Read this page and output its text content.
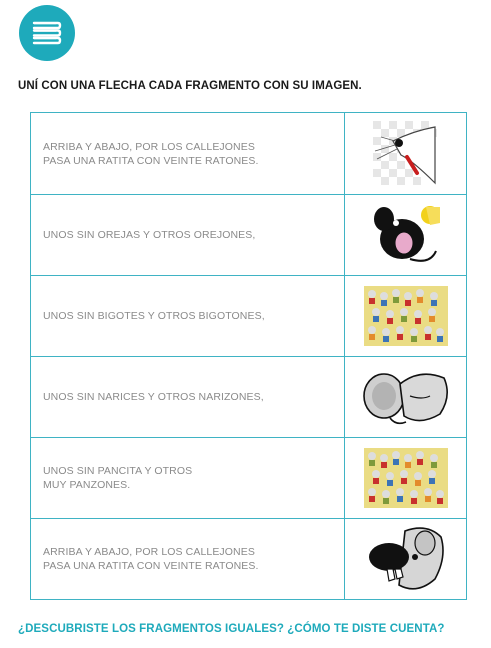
UNÍ CON UNA FLECHA CADA FRAGMENTO CON SU IMAGEN.
ARRIBA Y ABAJO, POR LOS CALLEJONES
PASA UNA RATITA CON VEINTE RATONES.
UNOS SIN OREJAS Y OTROS OREJONES,
UNOS SIN BIGOTES Y OTROS BIGOTONES,
UNOS SIN NARICES Y OTROS NARIZONES,
UNOS SIN PANCITA Y OTROS
MUY PANZONES.
ARRIBA Y ABAJO, POR LOS CALLEJONES
PASA UNA RATITA CON VEINTE RATONES.
¿DESCUBRISTE LOS FRAGMENTOS IGUALES? ¿CÓMO TE DISTE CUENTA?
